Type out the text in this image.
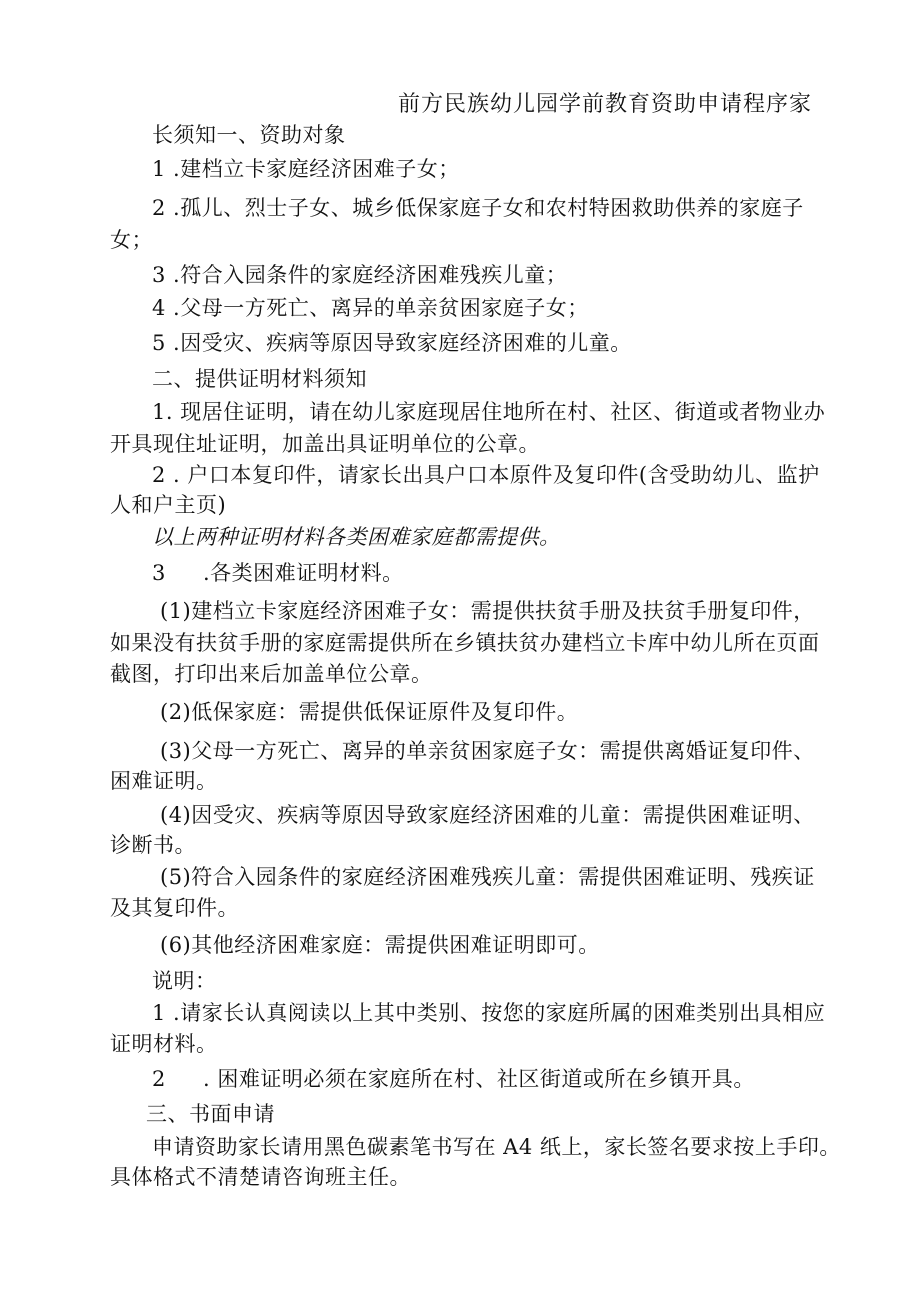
前方民族幼儿园学前教育资助申请程序家
长须知一、资助对象
1 .建档立卡家庭经济困难子女；
2 .孤儿、烈士子女、城乡低保家庭子女和农村特困救助供养的家庭子
女；
3 .符合入园条件的家庭经济困难残疾儿童；
4 .父母一方死亡、离异的单亲贫困家庭子女；
5 .因受灾、疾病等原因导致家庭经济困难的儿童。
二、提供证明材料须知
1. 现居住证明，请在幼儿家庭现居住地所在村、社区、街道或者物业办
开具现住址证明，加盖出具证明单位的公章。
2 . 户口本复印件，请家长出具户口本原件及复印件(含受助幼儿、监护
人和户主页)
以上两种证明材料各类困难家庭都需提供。
3 .各类困难证明材料。
(1)建档立卡家庭经济困难子女：需提供扶贫手册及扶贫手册复印件，
如果没有扶贫手册的家庭需提供所在乡镇扶贫办建档立卡库中幼儿所在页面
截图，打印出来后加盖单位公章。
(2)低保家庭：需提供低保证原件及复印件。
(3)父母一方死亡、离异的单亲贫困家庭子女：需提供离婚证复印件、
困难证明。
(4)因受灾、疾病等原因导致家庭经济困难的儿童：需提供困难证明、
诊断书。
(5)符合入园条件的家庭经济困难残疾儿童：需提供困难证明、残疾证
及其复印件。
(6)其他经济困难家庭：需提供困难证明即可。
说明：
1 .请家长认真阅读以上其中类别、按您的家庭所属的困难类别出具相应
证明材料。
2 . 困难证明必须在家庭所在村、社区街道或所在乡镇开具。
三、书面申请
申请资助家长请用黑色碳素笔书写在 A4 纸上，家长签名要求按上手印。
具体格式不清楚请咨询班主任。
